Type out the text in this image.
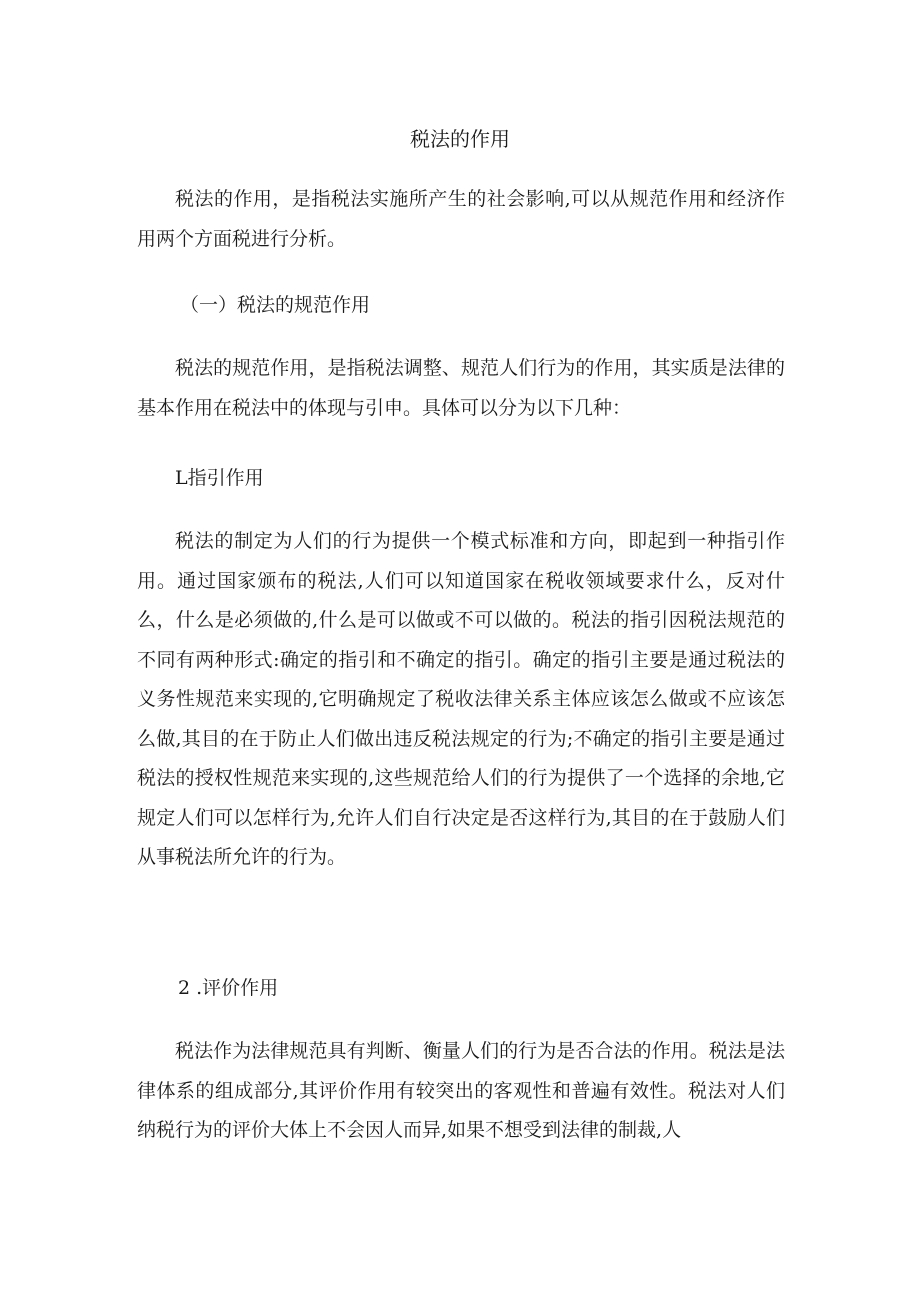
税法的作用

税法的作用，是指税法实施所产生的社会影响,可以从规范作用和经济作用两个方面税进行分析。

（一）税法的规范作用

税法的规范作用，是指税法调整、规范人们行为的作用，其实质是法律的基本作用在税法中的体现与引申。具体可以分为以下几种：

L指引作用

税法的制定为人们的行为提供一个模式标准和方向，即起到一种指引作用。通过国家颁布的税法,人们可以知道国家在税收领域要求什么，反对什么，什么是必须做的,什么是可以做或不可以做的。税法的指引因税法规范的不同有两种形式:确定的指引和不确定的指引。确定的指引主要是通过税法的义务性规范来实现的,它明确规定了税收法律关系主体应该怎么做或不应该怎么做,其目的在于防止人们做出违反税法规定的行为;不确定的指引主要是通过税法的授权性规范来实现的,这些规范给人们的行为提供了一个选择的余地,它规定人们可以怎样行为,允许人们自行决定是否这样行为,其目的在于鼓励人们从事税法所允许的行为。

2 .评价作用

税法作为法律规范具有判断、衡量人们的行为是否合法的作用。税法是法律体系的组成部分,其评价作用有较突出的客观性和普遍有效性。税法对人们纳税行为的评价大体上不会因人而异,如果不想受到法律的制裁,人
